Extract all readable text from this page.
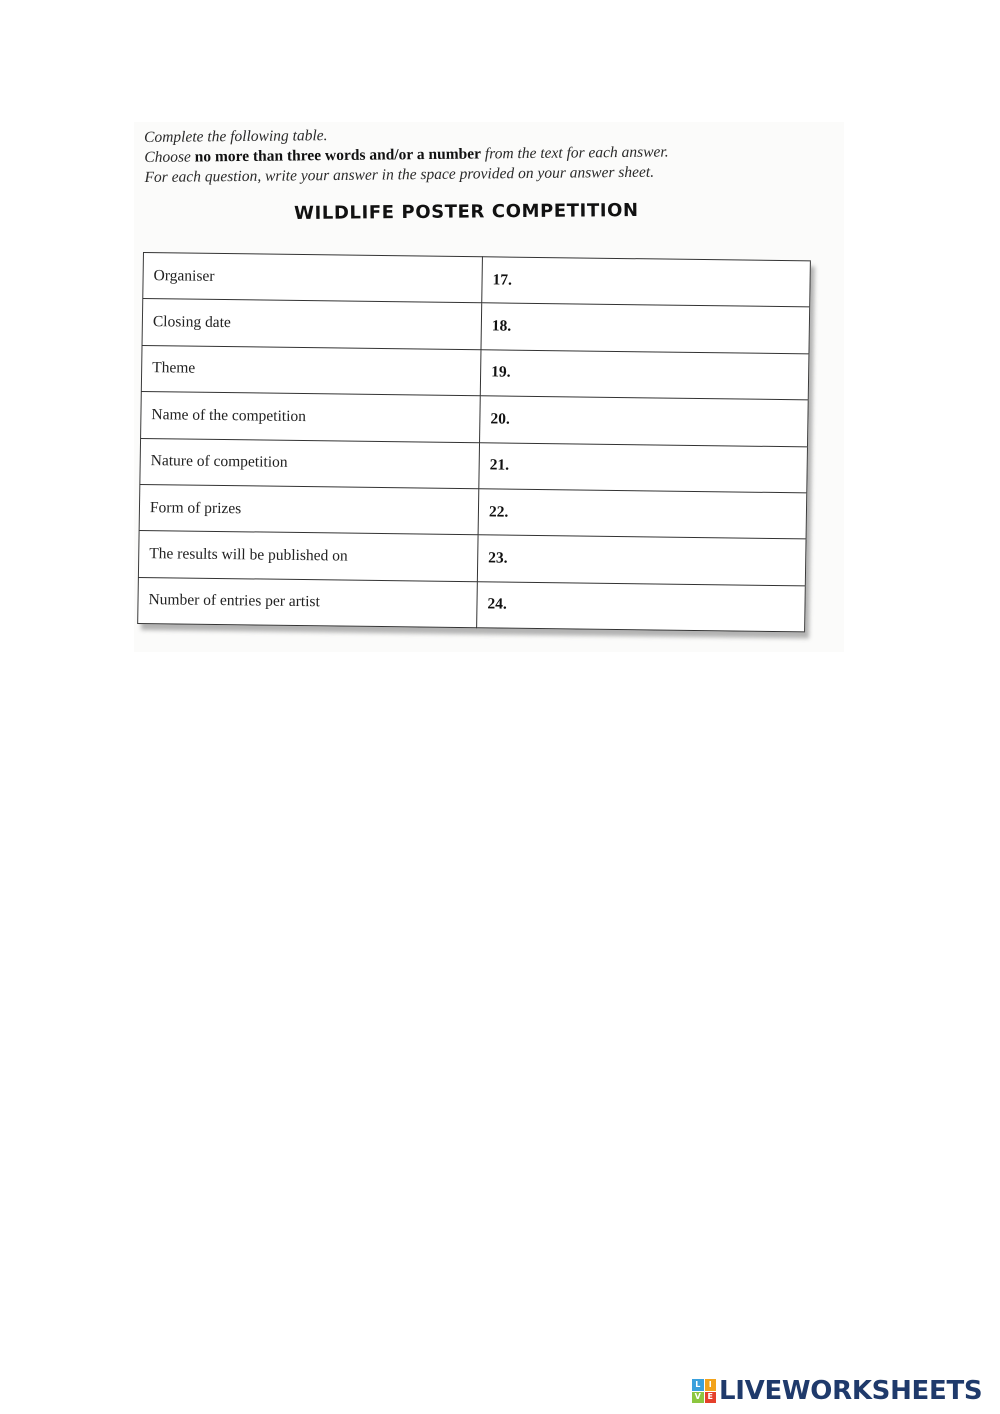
Complete the following table.
Choose no more than three words and/or a number from the text for each answer.
For each question, write your answer in the space provided on your answer sheet.
WILDLIFE POSTER COMPETITION
Organiser	17.
Closing date	18.
Theme	19.
Name of the competition	20.
Nature of competition	21.
Form of prizes	22.
The results will be published on	23.
Number of entries per artist	24.
L	I
V E LIVEWORKSHEETS
